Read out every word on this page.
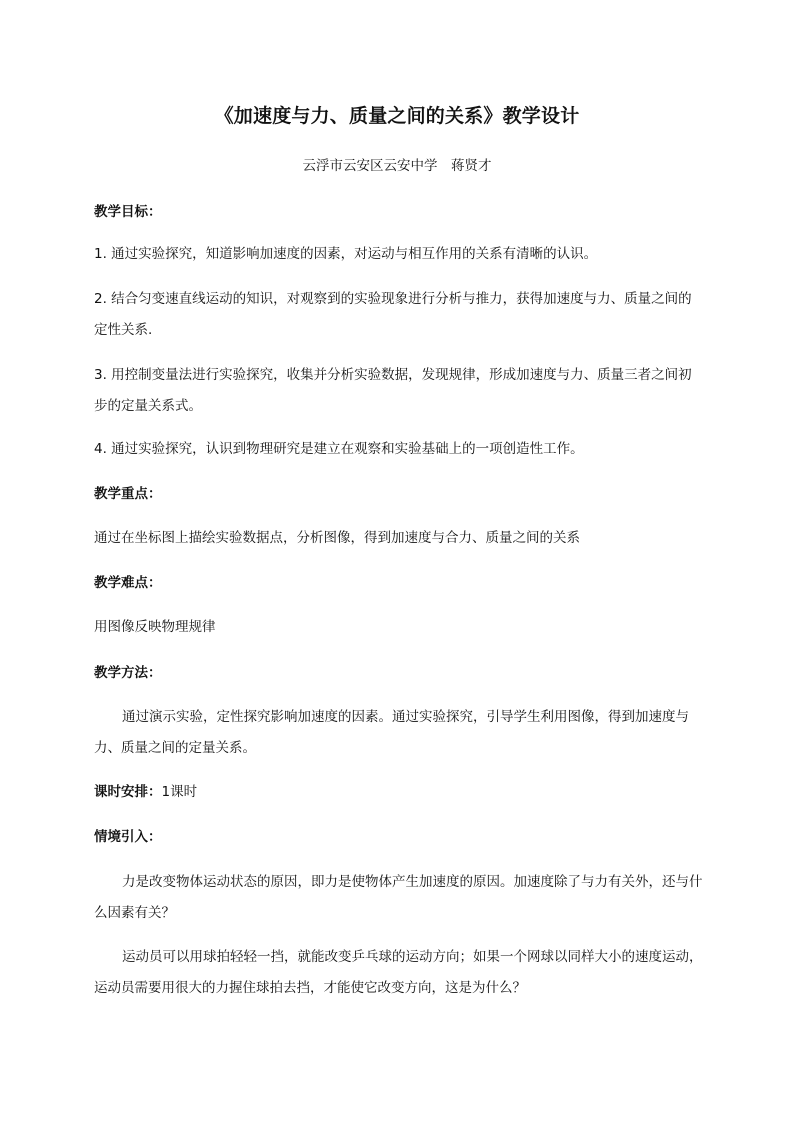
《加速度与力、质量之间的关系》教学设计
云浮市云安区云安中学　蒋贤才

教学目标：

1. 通过实验探究，知道影响加速度的因素，对运动与相互作用的关系有清晰的认识。

2. 结合匀变速直线运动的知识，对观察到的实验现象进行分析与推力，获得加速度与力、质量之间的定性关系.

3. 用控制变量法进行实验探究，收集并分析实验数据，发现规律，形成加速度与力、质量三者之间初步的定量关系式。

4. 通过实验探究，认识到物理研究是建立在观察和实验基础上的一项创造性工作。

教学重点：

通过在坐标图上描绘实验数据点，分析图像，得到加速度与合力、质量之间的关系

教学难点：

用图像反映物理规律

教学方法：

通过演示实验，定性探究影响加速度的因素。通过实验探究，引导学生利用图像，得到加速度与力、质量之间的定量关系。

课时安排：1课时

情境引入：

力是改变物体运动状态的原因，即力是使物体产生加速度的原因。加速度除了与力有关外，还与什么因素有关？

运动员可以用球拍轻轻一挡，就能改变乒乓球的运动方向；如果一个网球以同样大小的速度运动，运动员需要用很大的力握住球拍去挡，才能使它改变方向，这是为什么？
